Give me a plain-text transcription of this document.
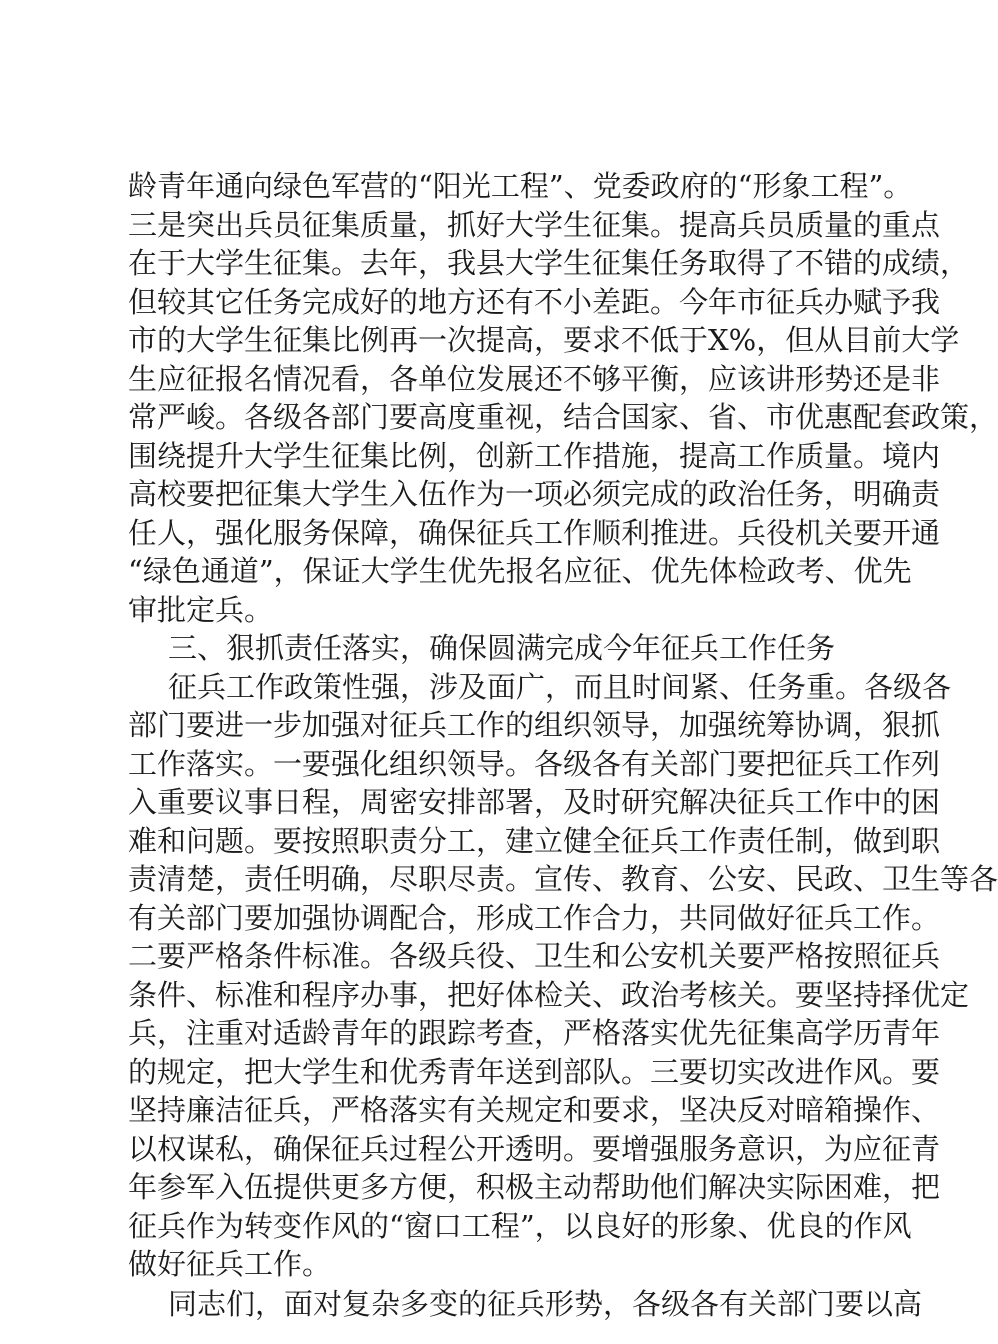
龄青年通向绿色军营的“阳光工程”、党委政府的“形象工程”。
三是突出兵员征集质量，抓好大学生征集。提高兵员质量的重点
在于大学生征集。去年，我县大学生征集任务取得了不错的成绩，
但较其它任务完成好的地方还有不小差距。今年市征兵办赋予我
市的大学生征集比例再一次提高，要求不低于X%，但从目前大学
生应征报名情况看，各单位发展还不够平衡，应该讲形势还是非
常严峻。各级各部门要高度重视，结合国家、省、市优惠配套政策，
围绕提升大学生征集比例，创新工作措施，提高工作质量。境内
高校要把征集大学生入伍作为一项必须完成的政治任务，明确责
任人，强化服务保障，确保征兵工作顺利推进。兵役机关要开通
“绿色通道”，保证大学生优先报名应征、优先体检政考、优先
审批定兵。
三、狠抓责任落实，确保圆满完成今年征兵工作任务
征兵工作政策性强，涉及面广，而且时间紧、任务重。各级各
部门要进一步加强对征兵工作的组织领导，加强统筹协调，狠抓
工作落实。一要强化组织领导。各级各有关部门要把征兵工作列
入重要议事日程，周密安排部署，及时研究解决征兵工作中的困
难和问题。要按照职责分工，建立健全征兵工作责任制，做到职
责清楚，责任明确，尽职尽责。宣传、教育、公安、民政、卫生等各
有关部门要加强协调配合，形成工作合力，共同做好征兵工作。
二要严格条件标准。各级兵役、卫生和公安机关要严格按照征兵
条件、标准和程序办事，把好体检关、政治考核关。要坚持择优定
兵，注重对适龄青年的跟踪考查，严格落实优先征集高学历青年
的规定，把大学生和优秀青年送到部队。三要切实改进作风。要
坚持廉洁征兵，严格落实有关规定和要求，坚决反对暗箱操作、
以权谋私，确保征兵过程公开透明。要增强服务意识，为应征青
年参军入伍提供更多方便，积极主动帮助他们解决实际困难，把
征兵作为转变作风的“窗口工程”，以良好的形象、优良的作风
做好征兵工作。
同志们，面对复杂多变的征兵形势，各级各有关部门要以高
